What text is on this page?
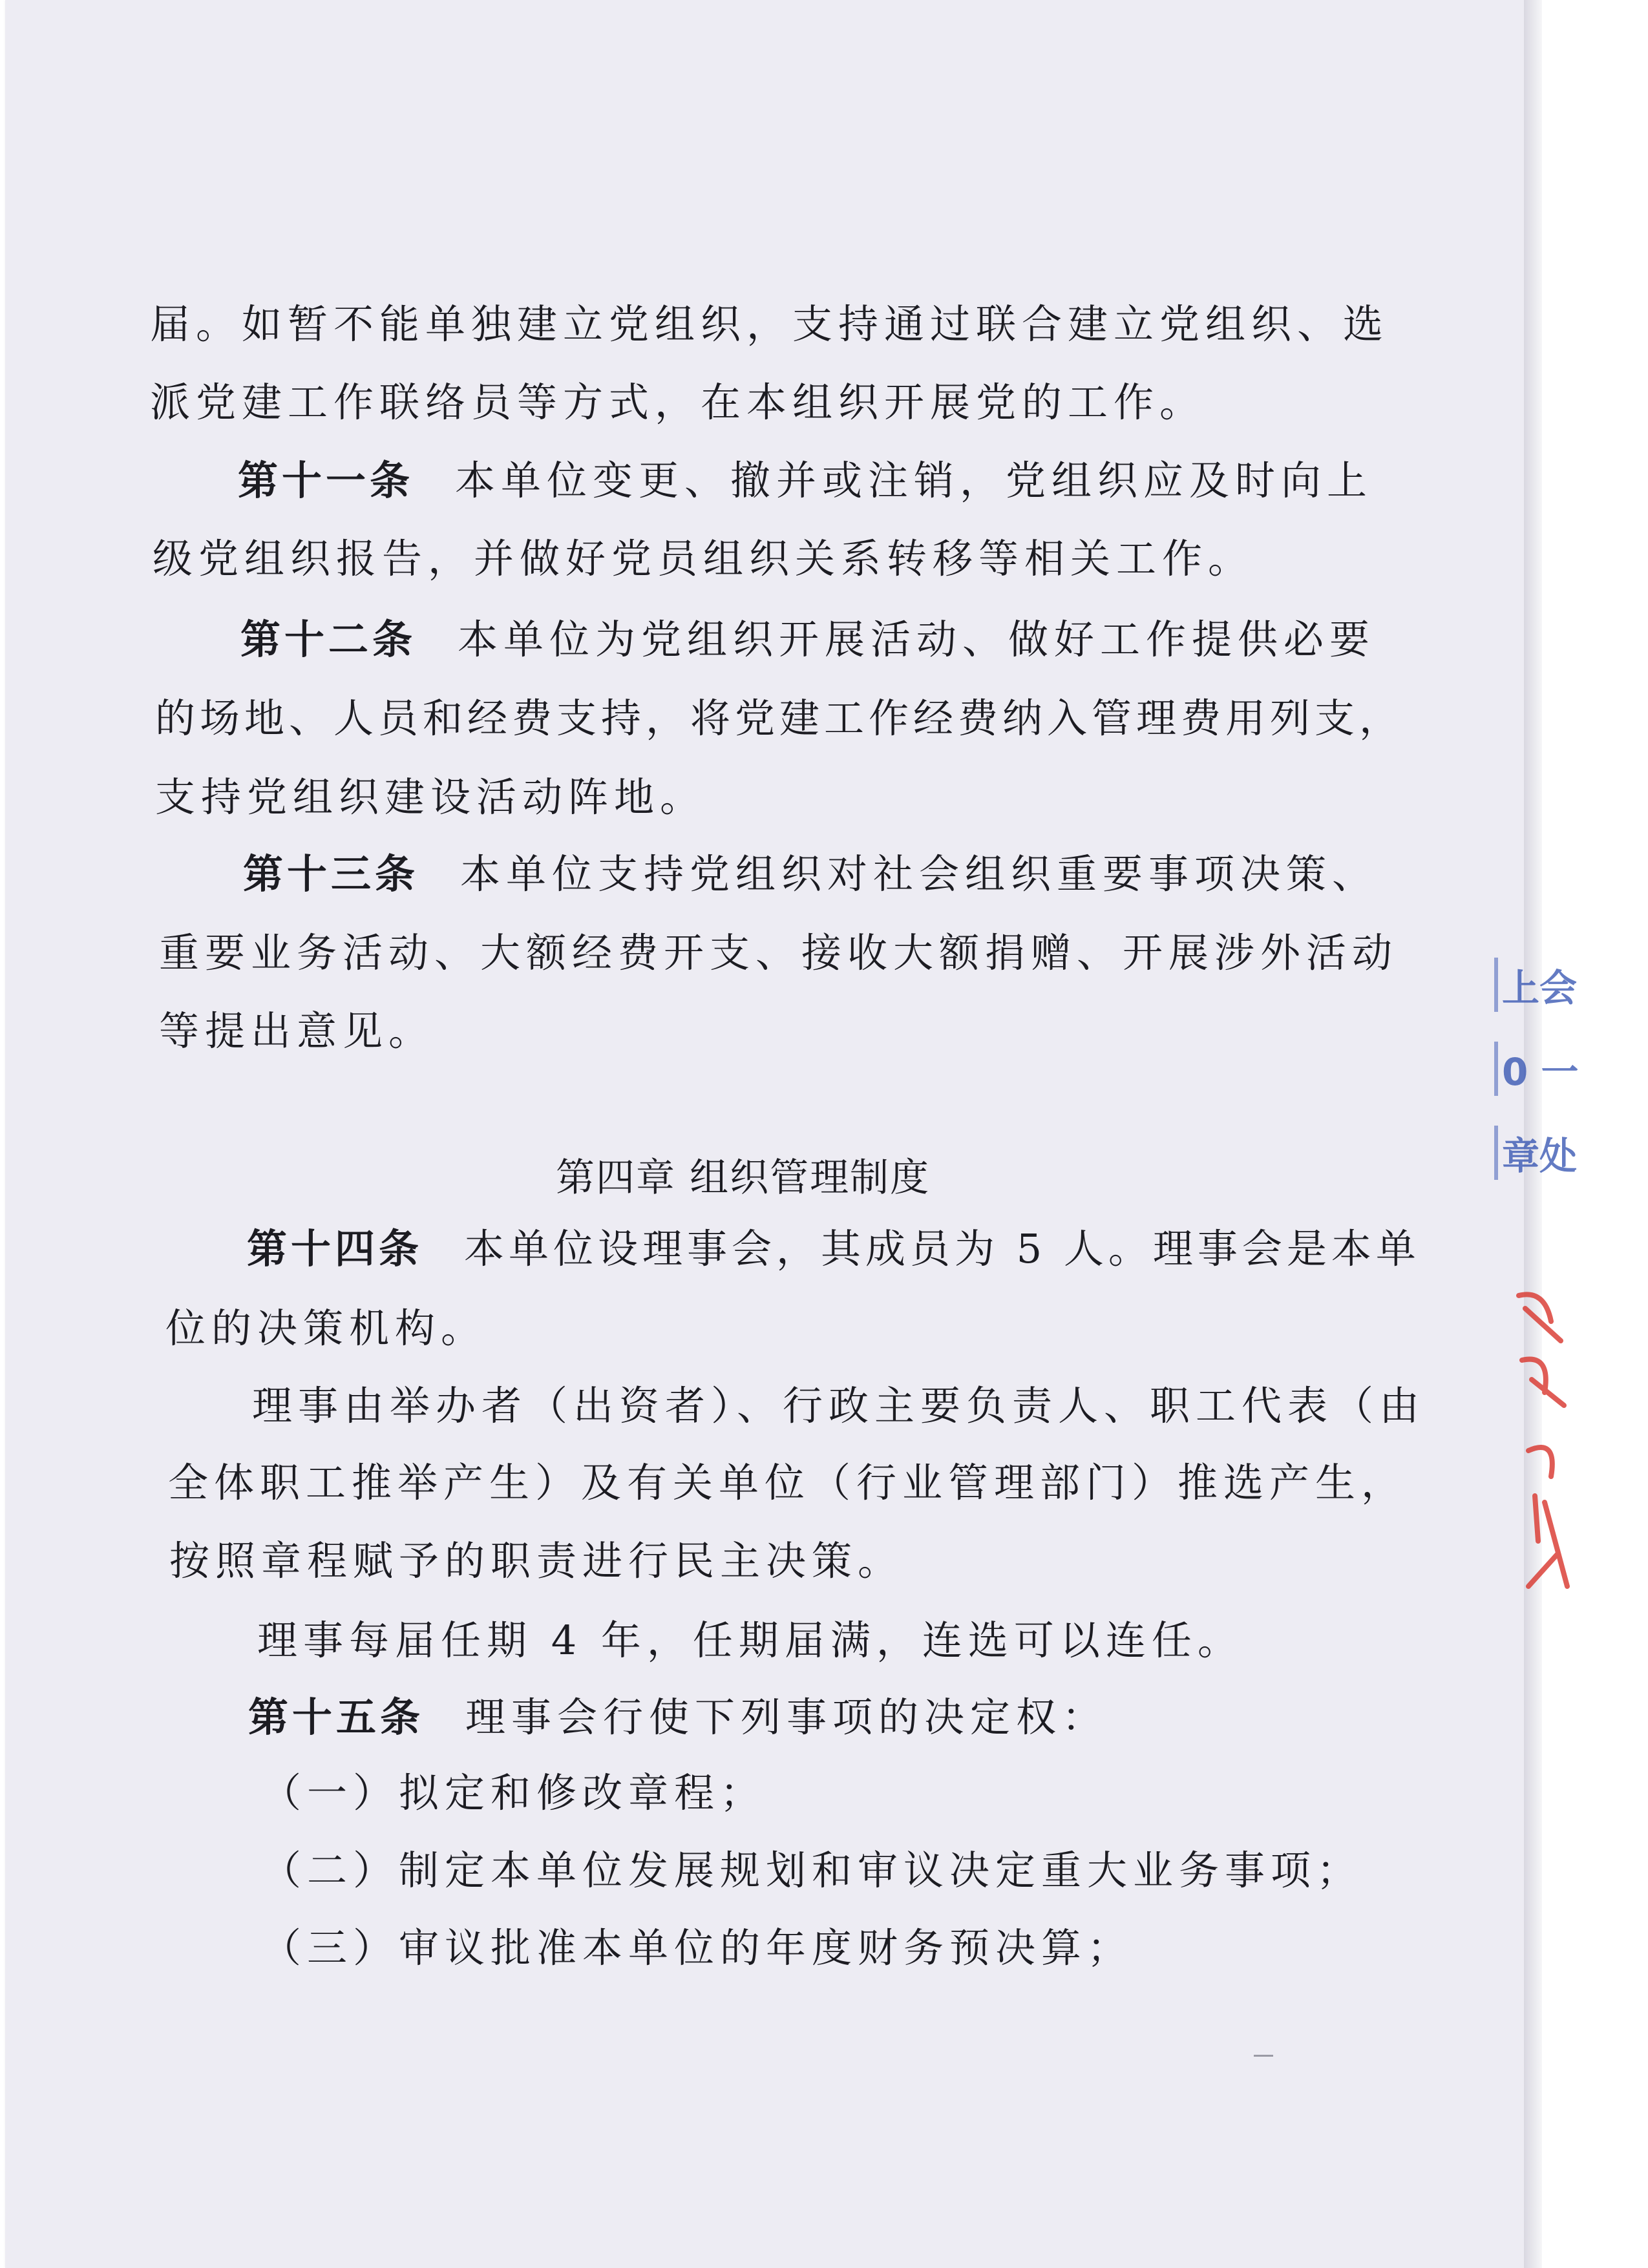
届。如暂不能单独建立党组织，支持通过联合建立党组织、选
派党建工作联络员等方式，在本组织开展党的工作。
第十一条 本单位变更、撤并或注销，党组织应及时向上
级党组织报告，并做好党员组织关系转移等相关工作。
第十二条 本单位为党组织开展活动、做好工作提供必要
的场地、人员和经费支持，将党建工作经费纳入管理费用列支，
支持党组织建设活动阵地。
第十三条 本单位支持党组织对社会组织重要事项决策、
重要业务活动、大额经费开支、接收大额捐赠、开展涉外活动
等提出意见。
第四章 组织管理制度
第十四条 本单位设理事会，其成员为 5 人。理事会是本单
位的决策机构。
理事由举办者（出资者）、行政主要负责人、职工代表（由
全体职工推举产生）及有关单位（行业管理部门）推选产生，
按照章程赋予的职责进行民主决策。
理事每届任期 4 年，任期届满，连选可以连任。
第十五条 理事会行使下列事项的决定权：
（一）拟定和修改章程；
（二）制定本单位发展规划和审议决定重大业务事项；
（三）审议批准本单位的年度财务预决算；
上会
0 一
章处
